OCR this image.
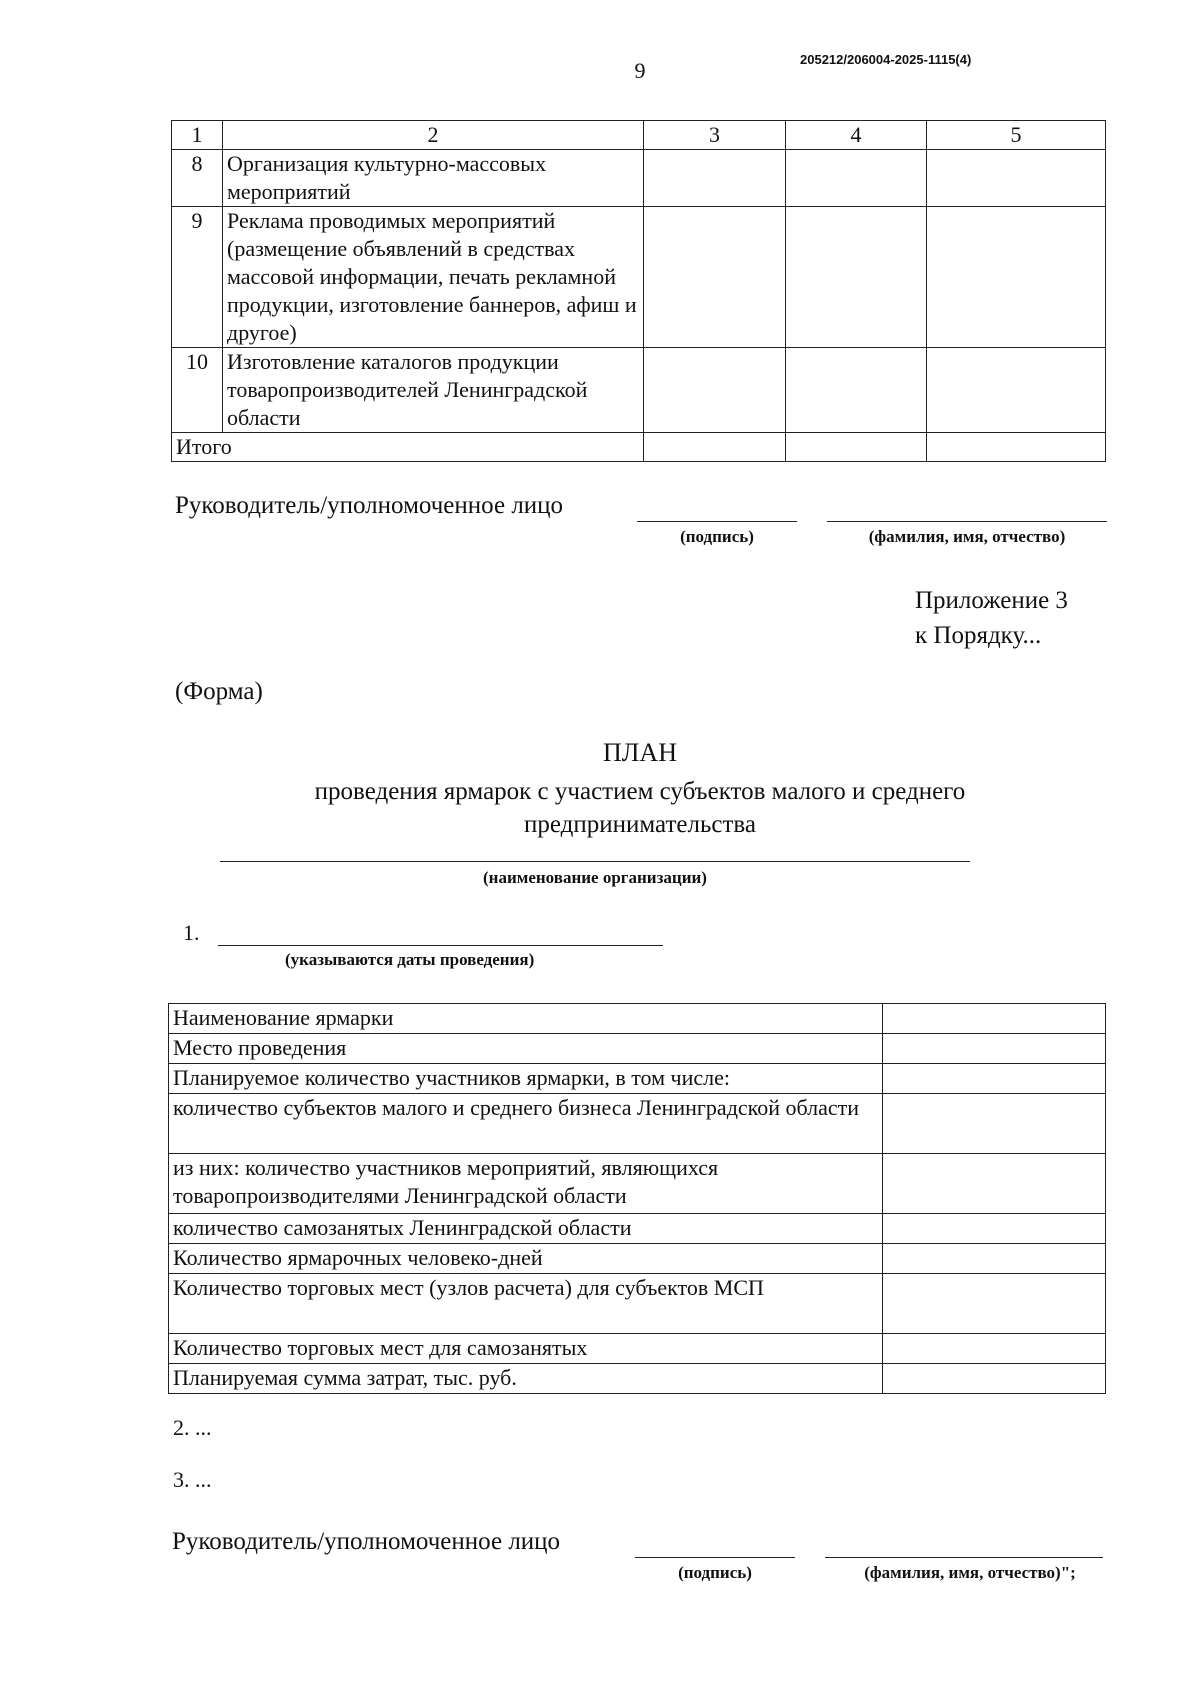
9	205212/206004-2025-1115(4)
1	2	3	4	5
8	Организация культурно-массовых мероприятий			
9	Реклама проводимых мероприятий (размещение объявлений в средствах массовой информации, печать рекламной продукции, изготовление баннеров, афиш и другое)			
10	Изготовление каталогов продукции товаропроизводителей Ленинградской области			
Итого				
Руководитель/уполномоченное лицо
(подпись)	(фамилия, имя, отчество)
Приложение 3
к Порядку...
(Форма)
ПЛАН
проведения ярмарок с участием субъектов малого и среднего предпринимательства
(наименование организации)
1.
(указываются даты проведения)
Наименование ярмарки	
Место проведения	
Планируемое количество участников ярмарки, в том числе:	
количество субъектов малого и среднего бизнеса Ленинградской области	
из них: количество участников мероприятий, являющихся товаропроизводителями Ленинградской области	
количество самозанятых Ленинградской области	
Количество ярмарочных человеко-дней	
Количество торговых мест (узлов расчета) для субъектов МСП	
Количество торговых мест для самозанятых	
Планируемая сумма затрат, тыс. руб.	
2. ...
3. ...
Руководитель/уполномоченное лицо
(подпись)	(фамилия, имя, отчество)";
